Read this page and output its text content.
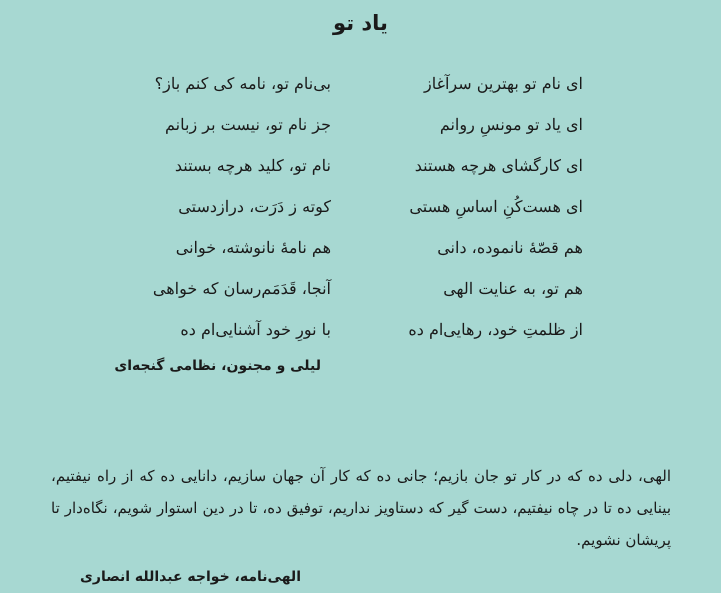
یاد تو
ای نام تو بهترین سرآغاز
بی‌نام تو، نامه کی کنم باز؟
ای یاد تو مونسِ روانم
جز نام تو، نیست بر زبانم
ای کارگشای هرچه هستند
نام تو، کلید هرچه بستند
ای هست‌کُنِ اساسِ هستی
کوته ز دَرَت، درازدستی
هم قصّهٔ نانموده، دانی
هم نامهٔ نانوشته، خوانی
هم تو، به عنایت الهی
آنجا، قَدَمَم‌رسان که خواهی
از ظلمتِ خود، رهایی‌ام ده
با نورِ خود آشنایی‌ام ده
لیلی و مجنون، نظامی گنجه‌ای

الهی، دلی ده که در کار تو جان بازیم؛ جانی ده که کار آن جهان سازیم، دانایی ده که از راه نیفتیم، بینایی ده تا در چاه نیفتیم، دست گیر که دستاویز نداریم، توفیق ده، تا در دین استوار شویم، نگاه‌دار تا پریشان نشویم.

الهی‌نامه، خواجه عبدالله انصاری
